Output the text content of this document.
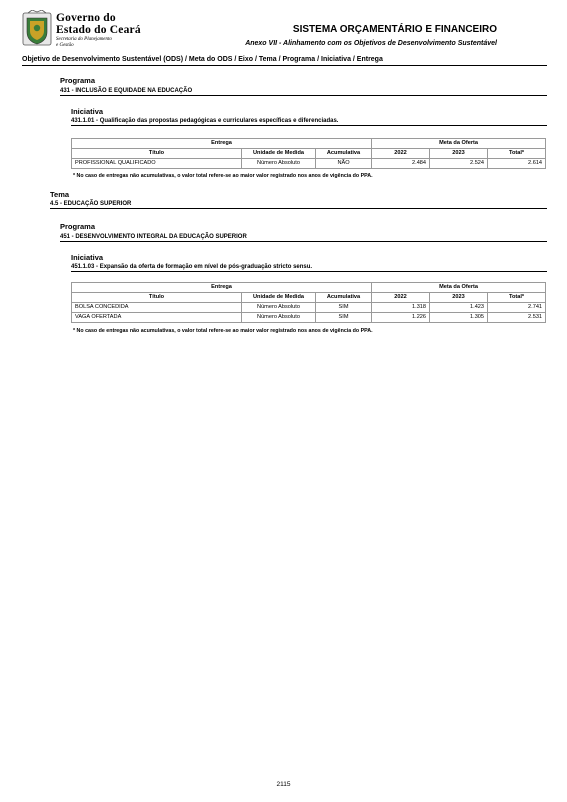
Governo do
Estado do Ceará
Secretaria do Planejamento
e Gestão
SISTEMA ORÇAMENTÁRIO E FINANCEIRO
Anexo VII - Alinhamento com os Objetivos de Desenvolvimento Sustentável
Objetivo de Desenvolvimento Sustentável (ODS) / Meta do ODS / Eixo / Tema / Programa / Iniciativa / Entrega
Programa
431 - INCLUSÃO E EQUIDADE NA EDUCAÇÃO
Iniciativa
431.1.01 - Qualificação das propostas pedagógicas e curriculares específicas e diferenciadas.
Entrega			Meta da Oferta		
Título	Unidade de Medida	Acumulativa	2022	2023	Total*
PROFISSIONAL QUALIFICADO	Número Absoluto	NÃO	2.484	2.524	2.614
* No caso de entregas não acumulativas, o valor total refere-se ao maior valor registrado nos anos de vigência do PPA.
Tema
4.5 - EDUCAÇÃO SUPERIOR
Programa
451 - DESENVOLVIMENTO INTEGRAL DA EDUCAÇÃO SUPERIOR
Iniciativa
451.1.03 - Expansão da oferta de formação em nível de pós-graduação stricto sensu.
Entrega			Meta da Oferta		
Título	Unidade de Medida	Acumulativa	2022	2023	Total*
BOLSA CONCEDIDA	Número Absoluto	SIM	1.318	1.423	2.741
VAGA OFERTADA	Número Absoluto	SIM	1.226	1.305	2.531
* No caso de entregas não acumulativas, o valor total refere-se ao maior valor registrado nos anos de vigência do PPA.
2115
